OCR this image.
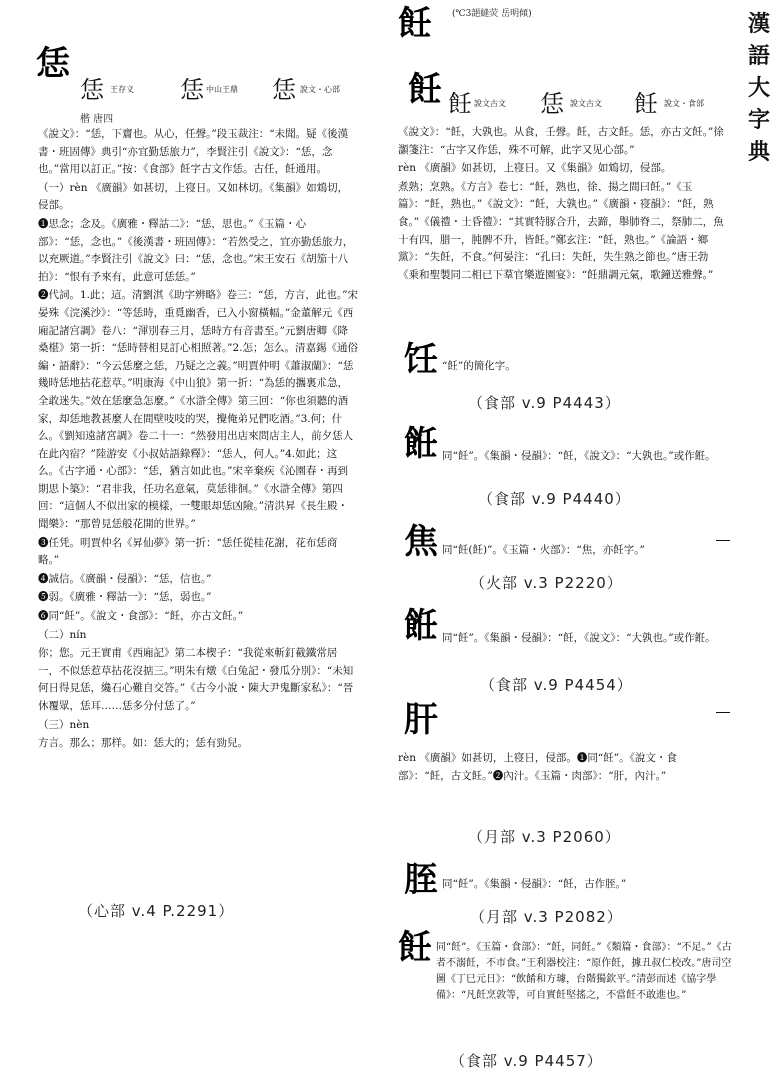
(℃3郶縫荧 岳明傾)	漢
語
大
字
典
恁
恁 王存义 恁 中山王鼎 恁 說文・心部
楷 唐四

《說文》：“恁，下齎也。从心，任聲。”段玉裁注：“未聞。疑《後漢書・班固傳》典引“亦宜勤恁旅力”，李賢注引《說文》：“恁，念也。”當用以訂正。”按：《食部》飪字古文作恁。古任，飪通用。

（一）rèn 《廣韻》如甚切，上寑日。又如林切。《集韻》如鴆切，侵部。

❶思念；念及。《廣雅・釋詁二》：“恁，思也。”《玉篇・心部》：“恁，念也。”《後漢書・班固傳》：“若然受之，宜亦勤恁旅力，以充厥道。”李賢注引《說文》曰：“恁，念也。”宋王安石《胡笳十八拍》：“恨有予來有，此意可恁恁。”

❷代詞。1.此；這。清劉淇《助字辨略》卷三：“恁，方言，此也。”宋晏殊《浣溪沙》：“等恁時，重覓幽香，已入小窗橫幅。”金董解元《西廂記諸宫調》卷八：“渾別春三月，恁時方有音書至。”元劉唐卿《降桑椹》第一折：“恁時替相見訂心相照著。”2.怎；怎么。清嘉錫《通俗編・語辭》：“今云恁麼之恁，乃疑之之義。”明賈仲明《蕭淑蘭》：“恁幾時恁地拈花惹草。”明康海《中山狼》第一折：“為恁的攜裏朮急，全敢迷失。”效在恁麼急怎麼。”《水滸全傳》第三回：“你也須聽的酒家，却恁地教甚麼人在間壁吱吱的哭，攪俺弟兄們吃酒。”3.何；什么。《劉知遠諸宮調》卷二十一：“然發用出店來問店主人，前夕恁人在此內宿？”陸游安《小叔姑語錄釋》：“恁人，何人。”4.如此；这么。《古字通・心部》：“恁，猶言如此也。”宋辛棄疾《沁園春・再到期思卜築》：“君非我，任功名意氣，莫恁徘徊。”《水滸全傳》第四回：“這個人不似出家的模樣，一雙眼却恁凶險。”清洪昇《長生殿・聞樂》：“那曾見恁般花開的世界。”

❸任凭。明賈仲名《昇仙夢》第一折：“恁任從桂花謝，花布恁商略。”

❹誠信。《廣韻・侵韻》：“恁，信也。”

❺弱。《廣雅・釋詁一》：“恁，弱也。”

❻同“飪”。《說文・食部》：“飪，亦古文飪。”

（二）nín

你；您。元王實甫《西廂記》第二本楔子：“我從來斬釘截鐵常居一，不似恁惹草拈花沒掂三。”明朱有燉《白兔記・發瓜分別》：“未知何日得見恁，纔石心難自交答。”《古今小說・陳大尹鬼斷家私》：“晉休覆眾，恁耳……恁多分付恁了。”

（三）nèn

方言。那么；那样。如：恁大的；恁有勁兒。

（心部 v.4 P.2291）
飪
飪 飪 說文古文 恁 說文古文 飪 說文・食部

《說文》：“飪，大孰也。从食，壬聲。飪，古文飪。恁，亦古文飪。”徐灝箋注：“古字又作恁，殊不可解，此字又见心部。”

rèn 《廣韻》如甚切，上寑日。又《集韻》如鴆切，侵部。

煮熟；烹熟。《方言》卷七：“飪，熟也，徐、揚之間曰飪。”《玉篇》：“飪，熟也。”《說文》：“飪，大孰也。”《廣韻・寑韻》：“飪，熟食。”《儀禮・士昏禮》：“其實特豚合升，去蹄，舉肺脊二，祭肺二，魚十有四，腊一，肫髀不升，皆飪。”鄭玄注：“飪，熟也。”《論語・鄉黨》：“失飪，不食。”何晏注：“孔曰：失飪，失生熟之節也。”唐王勃《乗和聖製同二相已下羣官樂遊園宴》：“飪鼎調元氣，歌鐘送雅聲。”

饪 “飪”的簡化字。
（食部 v.9 P4443）
餁 同“飪”。《集韻・侵韻》：“飪，《說文》：“大孰也。”或作餁。
（食部 v.9 P4440）
焦 同“飪(飪)”。《玉篇・火部》：“焦，亦飪字。”
（火部 v.3 P2220）
餁 同“飪”。《集韻・侵韻》：“飪，《說文》：“大孰也。”或作餁。
（食部 v.9 P4454）
肝
rèn 《廣韻》如甚切，上寑日，侵部。❶同“飪”。《說文・食部》：“飪，古文飪。”❷內汁。《玉篇・肉部》：“肝，內汁。”
（月部 v.3 P2060）
胵 同“飪”。《集韻・侵韻》：“飪，古作胵。”
（月部 v.3 P2082）
飪 同“飪”。《玉篇・食部》：“飪，同飪。”《類篇・食部》：“不足。”《古者不溺飪，不市食。”王利器校注：“原作飪，據丑叔仁校改。”唐司空圖《丁巳元日》：“飲餚和方璩，台階獨欽平。”清彭而述《協字學備》：“凡飪烹敦等，可自實飪堅搖之，不當飪不敢進也。”
（食部 v.9 P4457）
